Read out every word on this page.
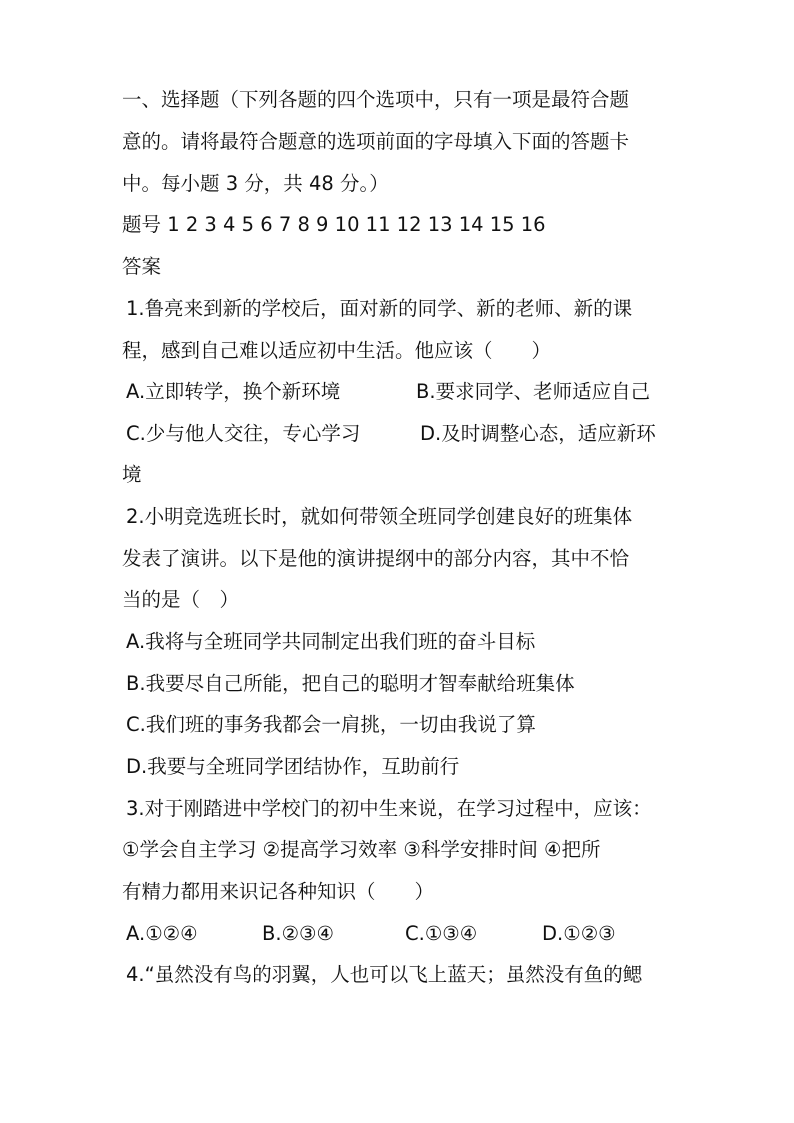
一、选择题（下列各题的四个选项中，只有一项是最符合题
意的。请将最符合题意的选项前面的字母填入下面的答题卡
中。每小题 3 分，共 48 分。）
题号 1 2 3 4 5 6 7 8 9 10 11 12 13 14 15 16
答案
1.鲁亮来到新的学校后，面对新的同学、新的老师、新的课
程，感到自己难以适应初中生活。他应该（　　）
A.立即转学，换个新环境	B.要求同学、老师适应自己
C.少与他人交往，专心学习	D.及时调整心态，适应新环
境
2.小明竞选班长时，就如何带领全班同学创建良好的班集体
发表了演讲。以下是他的演讲提纲中的部分内容，其中不恰
当的是（　）
A.我将与全班同学共同制定出我们班的奋斗目标
B.我要尽自己所能，把自己的聪明才智奉献给班集体
C.我们班的事务我都会一肩挑，一切由我说了算
D.我要与全班同学团结协作，互助前行
3.对于刚踏进中学校门的初中生来说，在学习过程中，应该：
①学会自主学习 ②提高学习效率 ③科学安排时间 ④把所
有精力都用来识记各种知识（　　）
A.①②④	B.②③④	C.①③④	D.①②③
4.“虽然没有鸟的羽翼，人也可以飞上蓝天；虽然没有鱼的鳃
